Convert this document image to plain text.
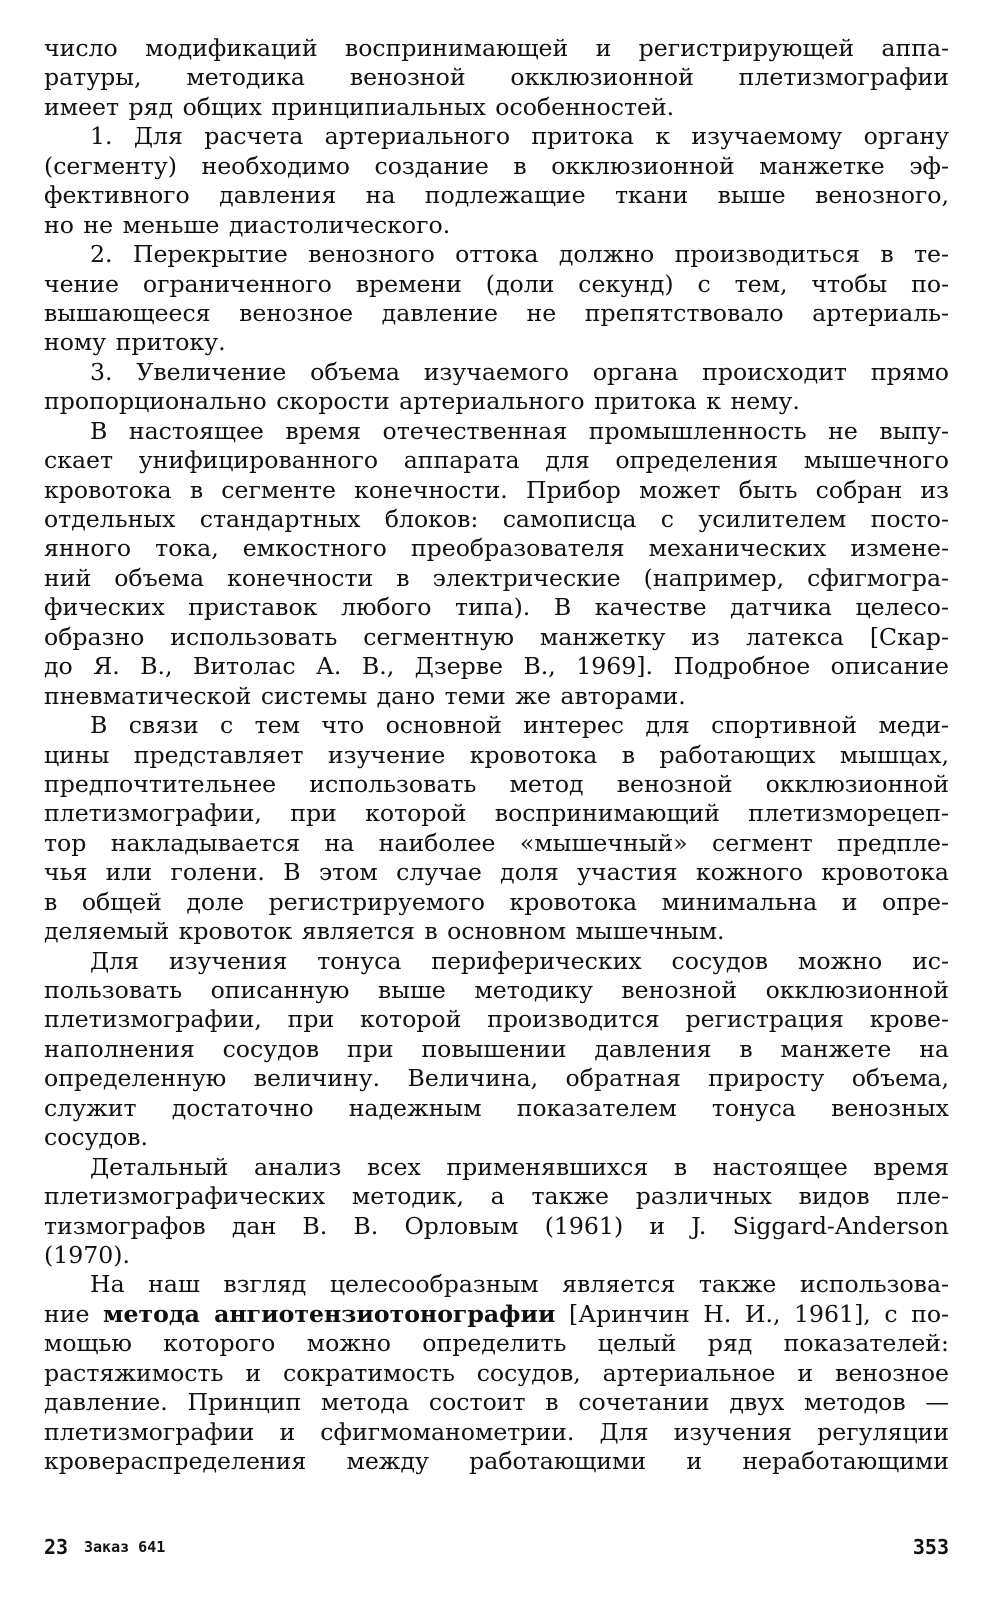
число модификаций воспринимающей и регистрирующей аппа-
ратуры, методика венозной окклюзионной плетизмографии
имеет ряд общих принципиальных особенностей.
1. Для расчета артериального притока к изучаемому органу
(сегменту) необходимо создание в окклюзионной манжетке эф-
фективного давления на подлежащие ткани выше венозного,
но не меньше диастолического.
2. Перекрытие венозного оттока должно производиться в те-
чение ограниченного времени (доли секунд) с тем, чтобы по-
вышающееся венозное давление не препятствовало артериаль-
ному притоку.
3. Увеличение объема изучаемого органа происходит прямо
пропорционально скорости артериального притока к нему.
В настоящее время отечественная промышленность не выпу-
скает унифицированного аппарата для определения мышечного
кровотока в сегменте конечности. Прибор может быть собран из
отдельных стандартных блоков: самописца с усилителем посто-
янного тока, емкостного преобразователя механических измене-
ний объема конечности в электрические (например, сфигмогра-
фических приставок любого типа). В качестве датчика целесо-
образно использовать сегментную манжетку из латекса [Скар-
до Я. В., Витолас А. В., Дзерве В., 1969]. Подробное описание
пневматической системы дано теми же авторами.
В связи с тем что основной интерес для спортивной меди-
цины представляет изучение кровотока в работающих мышцах,
предпочтительнее использовать метод венозной окклюзионной
плетизмографии, при которой воспринимающий плетизморецеп-
тор накладывается на наиболее «мышечный» сегмент предпле-
чья или голени. В этом случае доля участия кожного кровотока
в общей доле регистрируемого кровотока минимальна и опре-
деляемый кровоток является в основном мышечным.
Для изучения тонуса периферических сосудов можно ис-
пользовать описанную выше методику венозной окклюзионной
плетизмографии, при которой производится регистрация крове-
наполнения сосудов при повышении давления в манжете на
определенную величину. Величина, обратная приросту объема,
служит достаточно надежным показателем тонуса венозных
сосудов.
Детальный анализ всех применявшихся в настоящее время
плетизмографических методик, а также различных видов пле-
тизмографов дан В. В. Орловым (1961) и J. Siggard-Anderson
(1970).
На наш взгляд целесообразным является также использова-
ние метода ангиотензиотонографии [Аринчин Н. И., 1961], с по-
мощью которого можно определить целый ряд показателей:
растяжимость и сократимость сосудов, артериальное и венозное
давление. Принцип метода состоит в сочетании двух методов —
плетизмографии и сфигмоманометрии. Для изучения регуляции
кровераспределения между работающими и неработающими
23 Заказ 641	353
